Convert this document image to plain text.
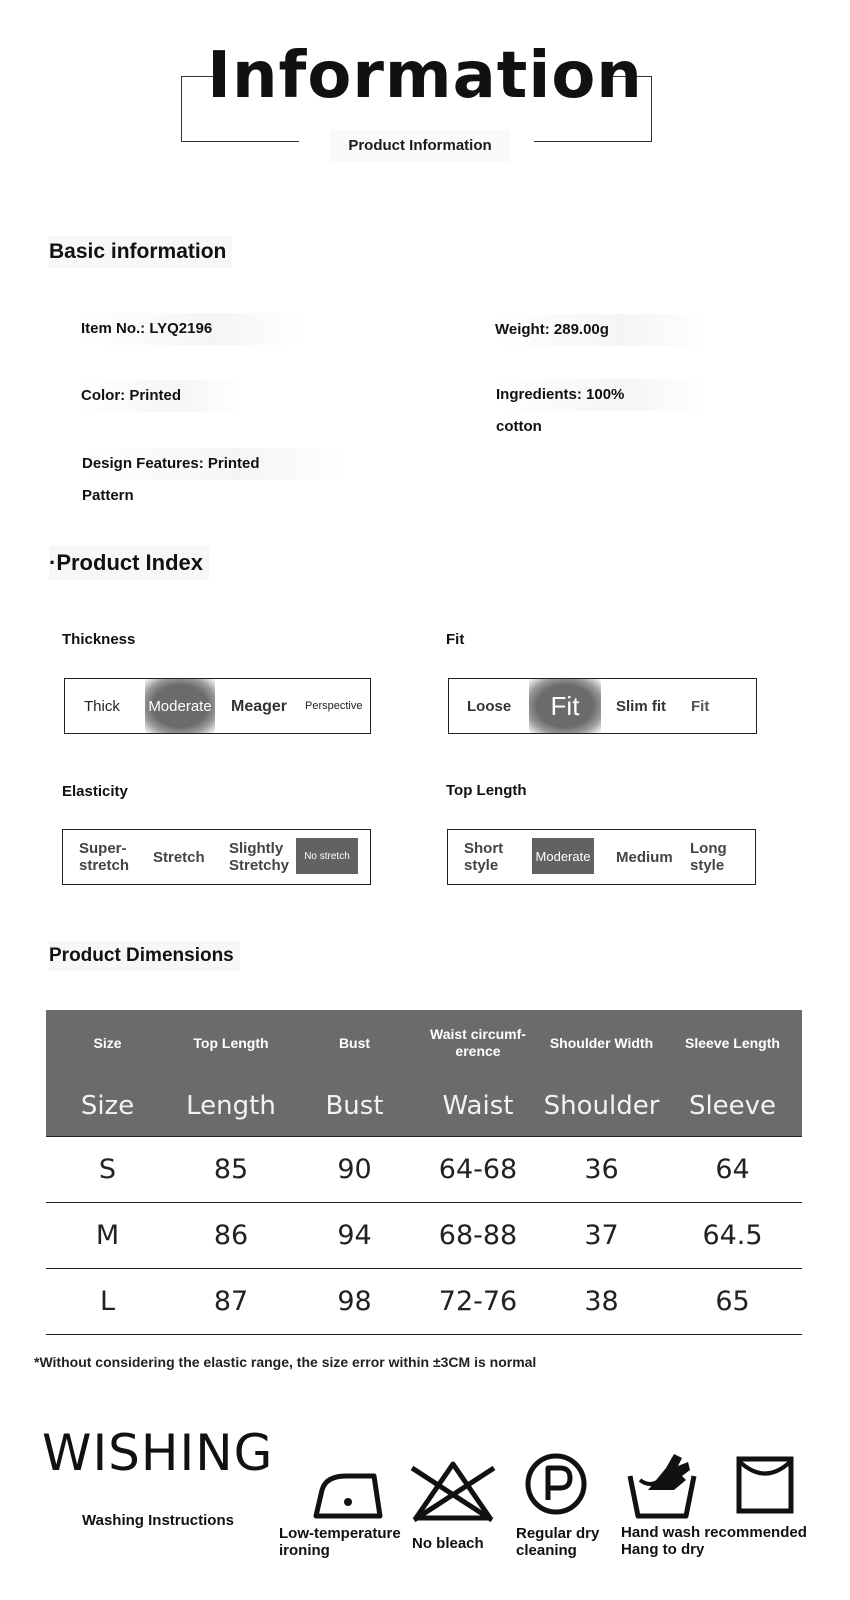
Information
Product Information
Basic information
Item No.: LYQ2196	Weight: 289.00g
Color: Printed	Ingredients: 100% cotton
Design Features: Printed Pattern
·Product Index
Thickness
Thick Moderate Meager Perspective
Fit
Loose	Fit	Slim fit Fit
Elasticity
Super-
stretch Stretch Slightly
Stretchy
No stretch
Top Length
Short
style
Moderate Medium Long
style
Product Dimensions
Size	Top Length	Bust	Waist circumf-
erence	Shoulder Width	Sleeve Length
Size	Length	Bust	Waist	Shoulder	Sleeve
S	85	90	64-68	36	64
M	86	94	68-88	37	64.5
L	87	98	72-76	38	65
*Without considering the elastic range, the size error within ±3CM is normal
WISHING
Washing Instructions
Low-temperature
ironing	No bleach
Regular dry
cleaning
Hand wash recommended
Hang to dry
